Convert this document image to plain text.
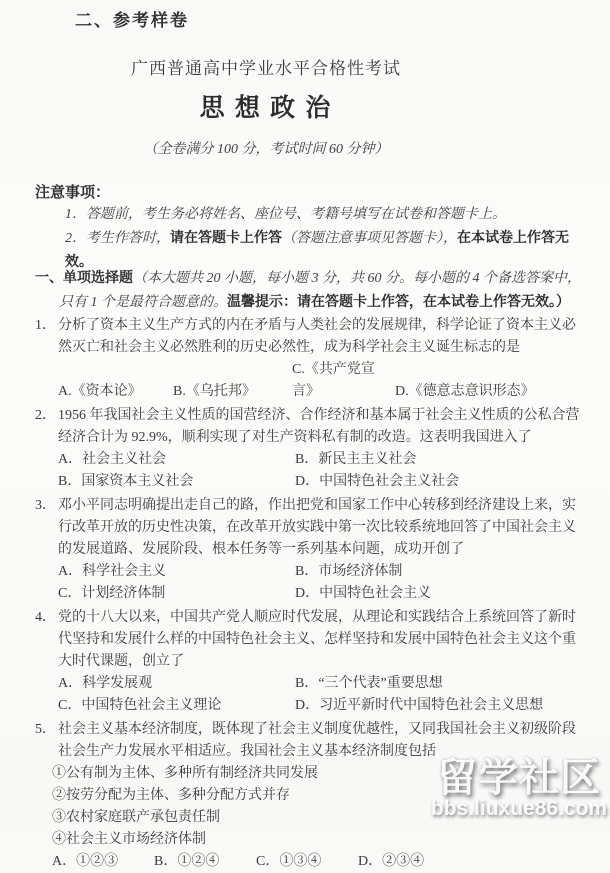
二、参考样卷
广西普通高中学业水平合格性考试
思 想 政 治
（全卷满分 100 分，考试时间 60 分钟）
注意事项：
1．答题前，考生务必将姓名、座位号、考籍号填写在试卷和答题卡上。
2．考生作答时，请在答题卡上作答（答题注意事项见答题卡），在本试卷上作答无效。
一、单项选择题（本大题共 20 小题，每小题 3 分，共 60 分。每小题的 4 个备选答案中，只有 1 个是最符合题意的。温馨提示：请在答题卡上作答，在本试卷上作答无效。）
1． 分析了资本主义生产方式的内在矛盾与人类社会的发展规律，科学论证了资本主义必然灭亡和社会主义必然胜利的历史必然性，成为科学社会主义诞生标志的是
A.《资本论》 B.《乌托邦》C.《共产党宣言》	D.《德意志意识形态》
2． 1956 年我国社会主义性质的国营经济、合作经济和基本属于社会主义性质的公私合营经济合计为 92.9%，顺利实现了对生产资料私有制的改造。这表明我国进入了
A．社会主义社会	B．新民主主义社会
B．国家资本主义社会	D．中国特色社会主义社会
3． 邓小平同志明确提出走自己的路，作出把党和国家工作中心转移到经济建设上来，实行改革开放的历史性决策，在改革开放实践中第一次比较系统地回答了中国社会主义的发展道路、发展阶段、根本任务等一系列基本问题，成功开创了
A．科学社会主义	B．市场经济体制
C．计划经济体制	D．中国特色社会主义
4． 党的十八大以来，中国共产党人顺应时代发展，从理论和实践结合上系统回答了新时代坚持和发展什么样的中国特色社会主义、怎样坚持和发展中国特色社会主义这个重大时代课题，创立了
A．科学发展观	B．“三个代表”重要思想
C．中国特色社会主义理论	D．习近平新时代中国特色社会主义思想
5． 社会主义基本经济制度，既体现了社会主义制度优越性，又同我国社会主义初级阶段社会生产力发展水平相适应。我国社会主义基本经济制度包括
①公有制为主体、多种所有制经济共同发展
②按劳分配为主体、多种分配方式并存
③农村家庭联产承包责任制
④社会主义市场经济体制
A．①②③	B．①②④	C．①③④	D．②③④
留学社区
bbs.liuxue86.com
